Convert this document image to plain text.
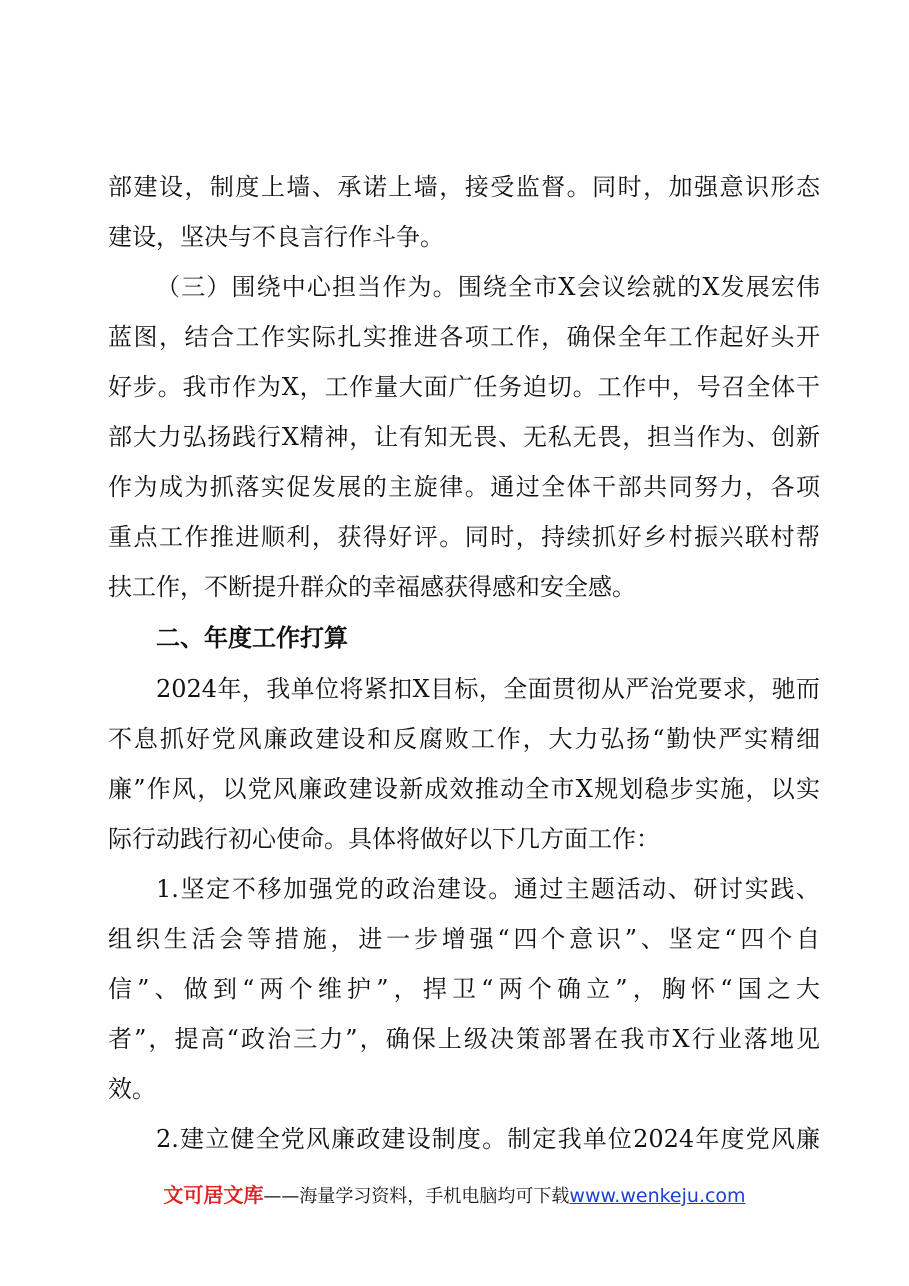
部建设，制度上墙、承诺上墙，接受监督。同时，加强意识形态
建设，坚决与不良言行作斗争。
（三）围绕中心担当作为。围绕全市X会议绘就的X发展宏伟
蓝图，结合工作实际扎实推进各项工作，确保全年工作起好头开
好步。我市作为X，工作量大面广任务迫切。工作中，号召全体干
部大力弘扬践行X精神，让有知无畏、无私无畏，担当作为、创新
作为成为抓落实促发展的主旋律。通过全体干部共同努力，各项
重点工作推进顺利，获得好评。同时，持续抓好乡村振兴联村帮
扶工作，不断提升群众的幸福感获得感和安全感。
二、年度工作打算
2024年，我单位将紧扣X目标，全面贯彻从严治党要求，驰而
不息抓好党风廉政建设和反腐败工作，大力弘扬“勤快严实精细
廉”作风，以党风廉政建设新成效推动全市X规划稳步实施，以实
际行动践行初心使命。具体将做好以下几方面工作：
1.坚定不移加强党的政治建设。通过主题活动、研讨实践、
组织生活会等措施，进一步增强“四个意识”、坚定“四个自
信”、做到“两个维护”，捍卫“两个确立”，胸怀“国之大
者”，提高“政治三力”，确保上级决策部署在我市X行业落地见
效。
2.建立健全党风廉政建设制度。制定我单位2024年度党风廉
文可居文库——海量学习资料，手机电脑均可下载www.wenkeju.com
